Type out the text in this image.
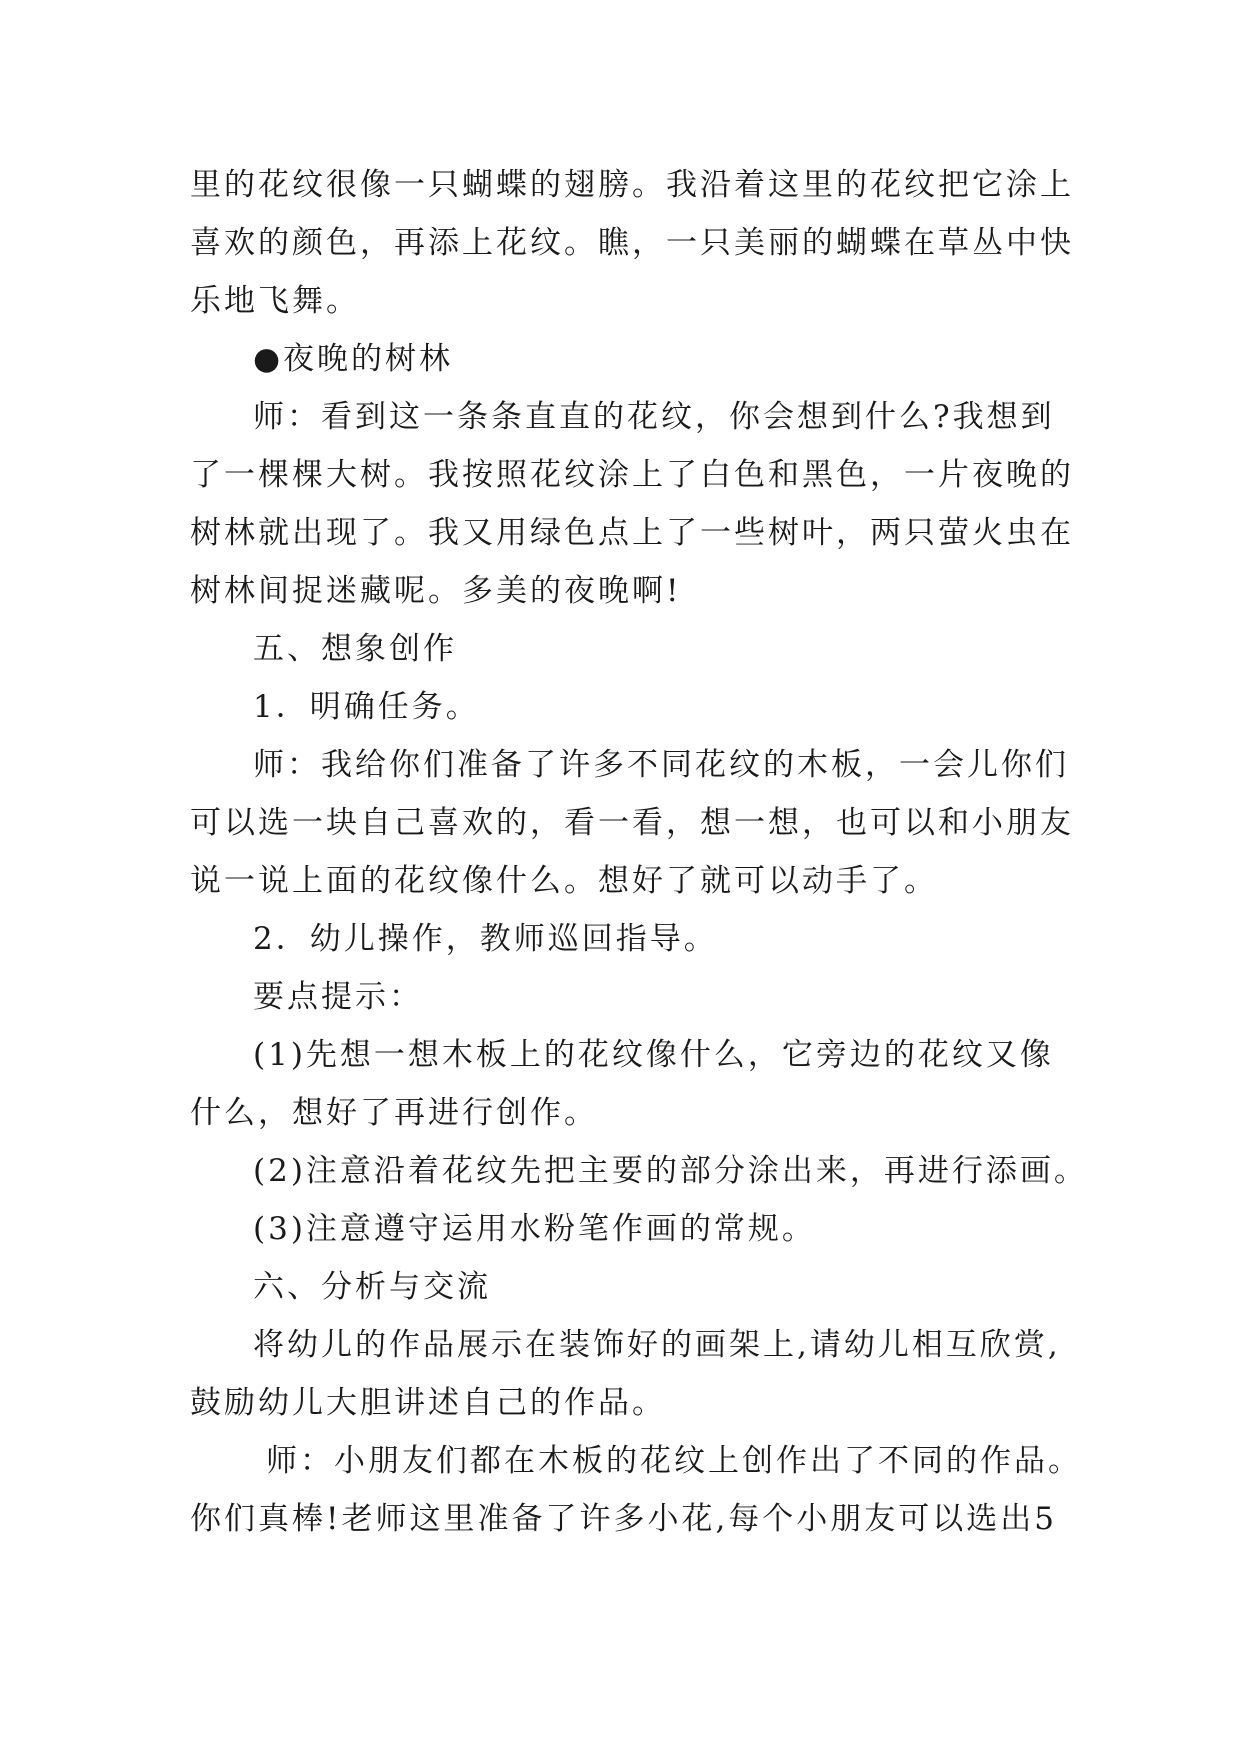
里的花纹很像一只蝴蝶的翅膀。我沿着这里的花纹把它涂上
喜欢的颜色，再添上花纹。瞧，一只美丽的蝴蝶在草丛中快
乐地飞舞。
●夜晚的树林
师：看到这一条条直直的花纹，你会想到什么?我想到
了一棵棵大树。我按照花纹涂上了白色和黑色，一片夜晚的
树林就出现了。我又用绿色点上了一些树叶，两只萤火虫在
树林间捉迷藏呢。多美的夜晚啊!
五、想象创作
1．明确任务。
师：我给你们准备了许多不同花纹的木板，一会儿你们
可以选一块自己喜欢的，看一看，想一想，也可以和小朋友
说一说上面的花纹像什么。想好了就可以动手了。
2．幼儿操作，教师巡回指导。
要点提示：
(1)先想一想木板上的花纹像什么，它旁边的花纹又像
什么，想好了再进行创作。
(2)注意沿着花纹先把主要的部分涂出来，再进行添画。
(3)注意遵守运用水粉笔作画的常规。
六、分析与交流
将幼儿的作品展示在装饰好的画架上,请幼儿相互欣赏,
鼓励幼儿大胆讲述自己的作品。
师：小朋友们都在木板的花纹上创作出了不同的作品。
你们真棒!老师这里准备了许多小花,每个小朋友可以选出5
